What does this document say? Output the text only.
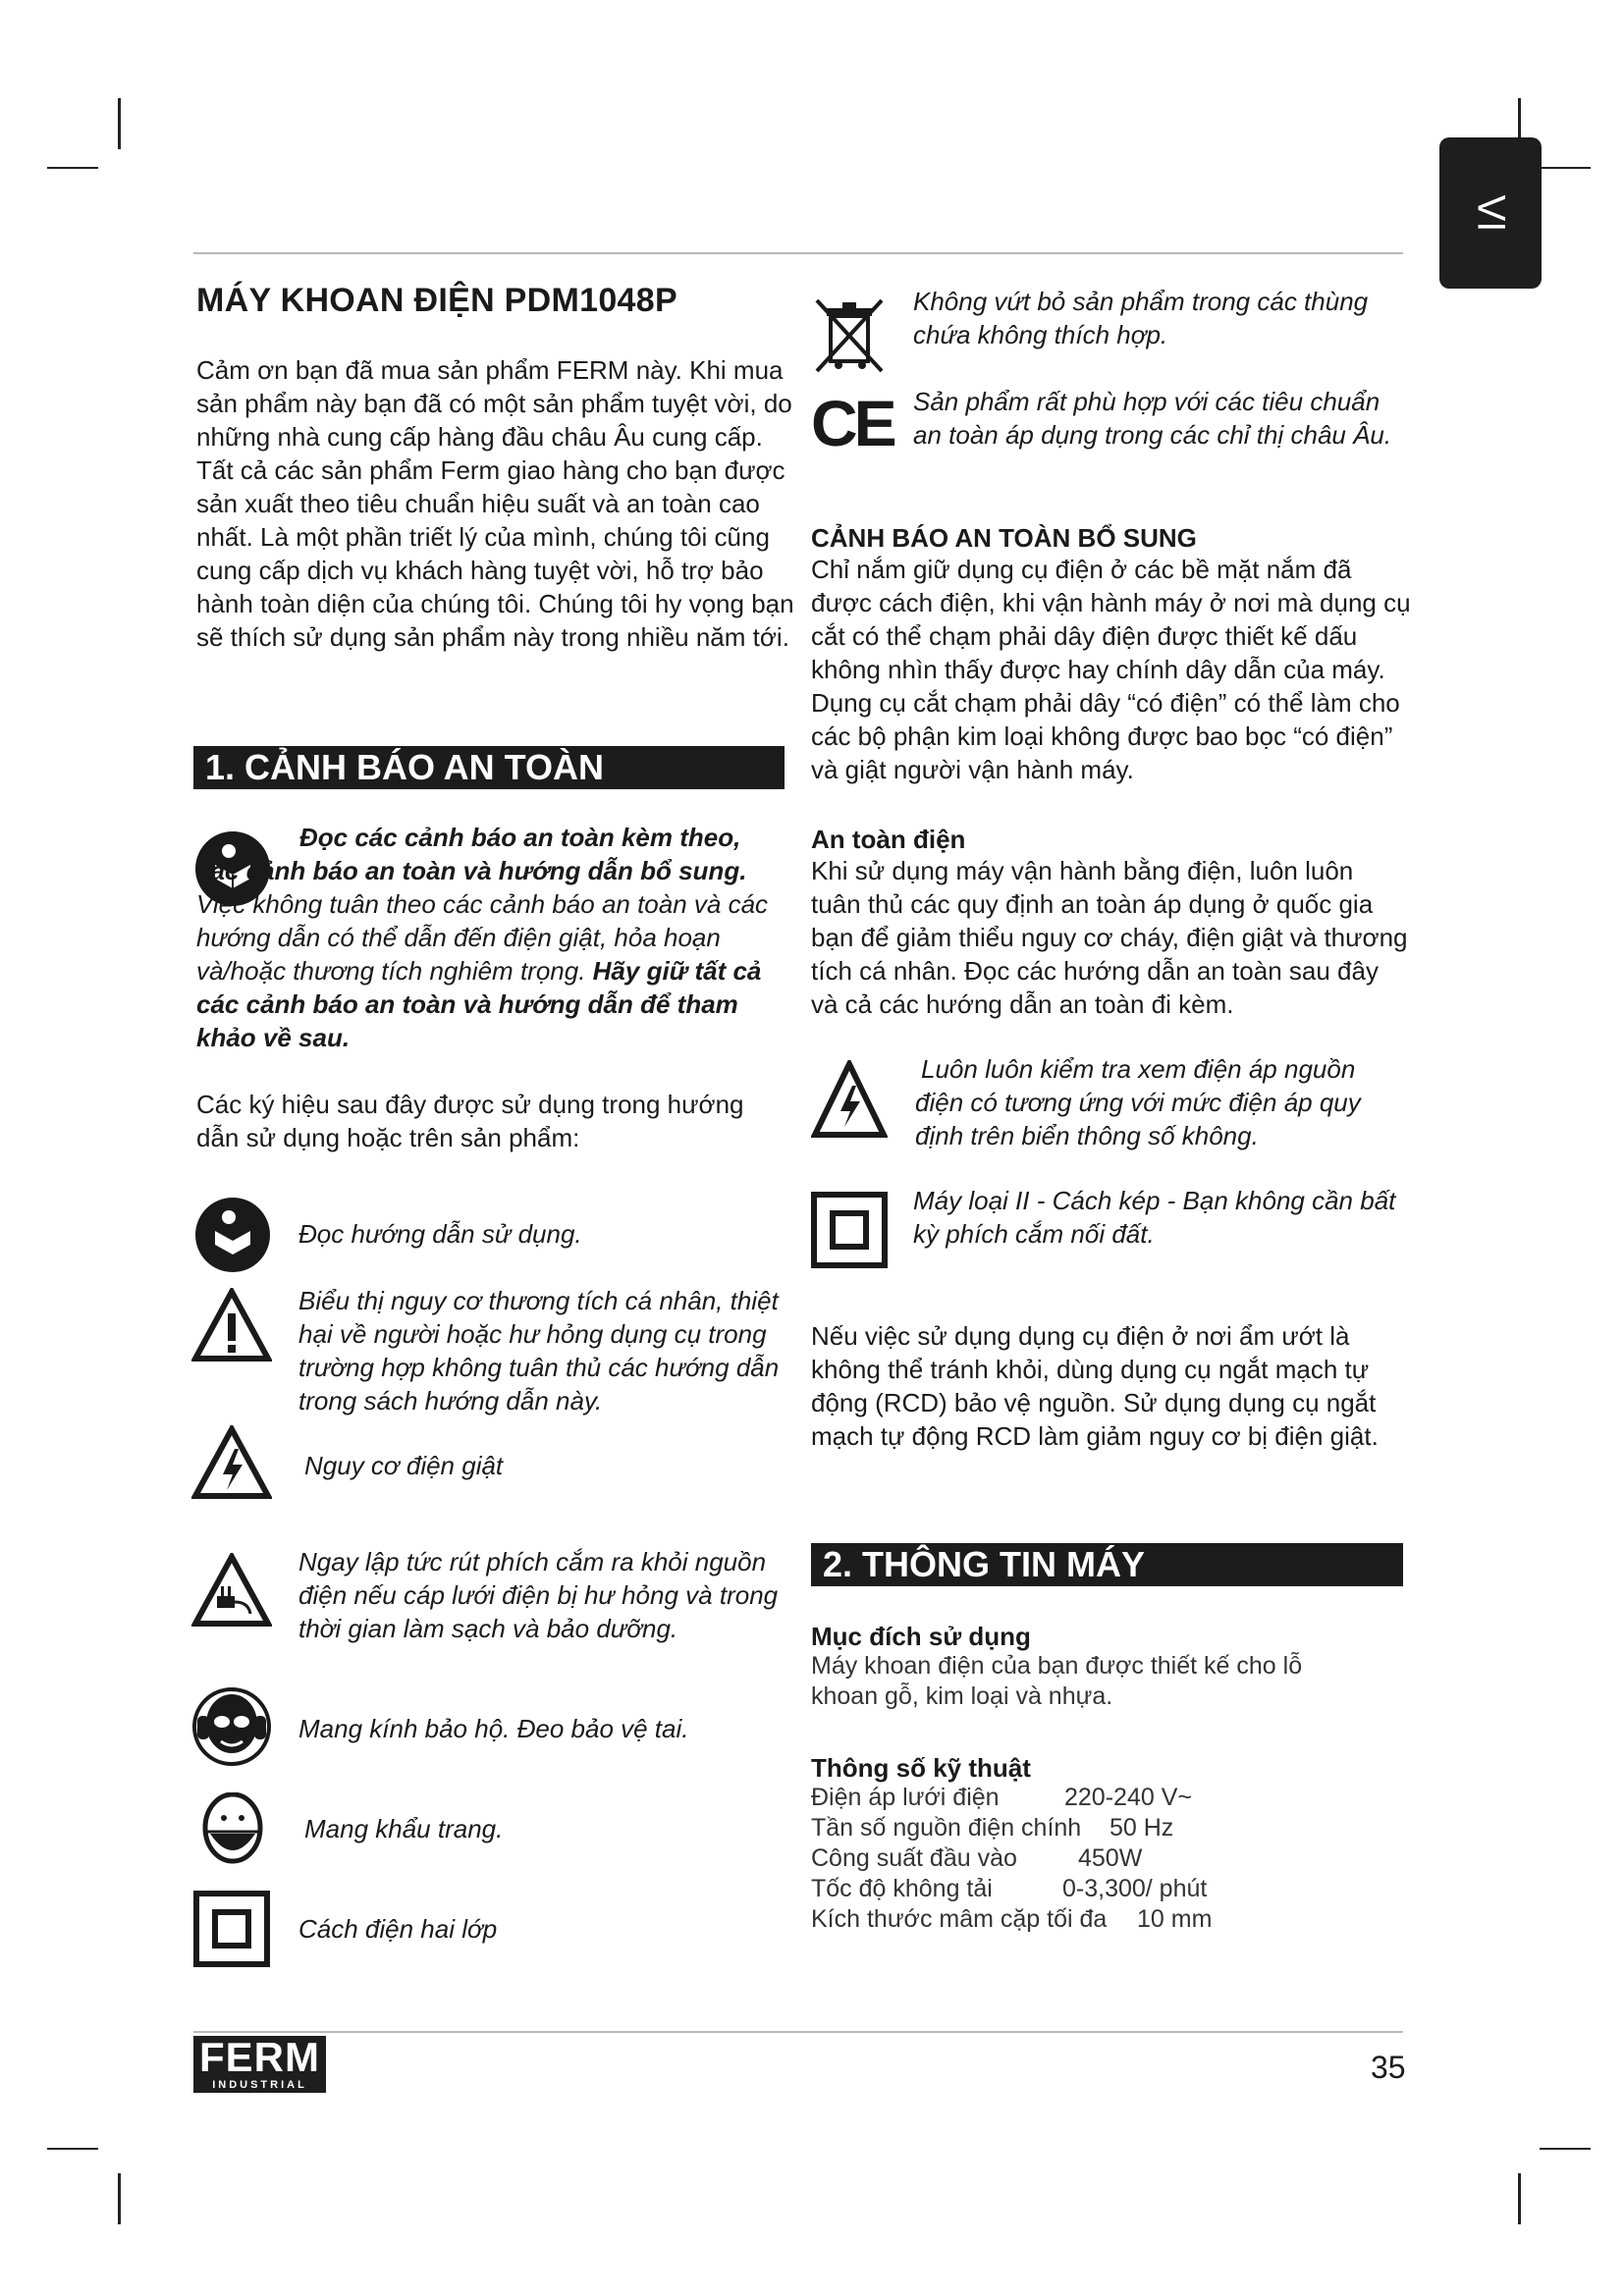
VI
MÁY KHOAN ĐIỆN PDM1048P

Cảm ơn bạn đã mua sản phẩm FERM này. Khi mua sản phẩm này bạn đã có một sản phẩm tuyệt vời, do những nhà cung cấp hàng đầu châu Âu cung cấp. Tất cả các sản phẩm Ferm giao hàng cho bạn được sản xuất theo tiêu chuẩn hiệu suất và an toàn cao nhất. Là một phần triết lý của mình, chúng tôi cũng cung cấp dịch vụ khách hàng tuyệt vời, hỗ trợ bảo hành toàn diện của chúng tôi. Chúng tôi hy vọng bạn sẽ thích sử dụng sản phẩm này trong nhiều năm tới.

1. CẢNH BÁO AN TOÀN

Đọc các cảnh báo an toàn kèm theo, các cảnh báo an toàn và hướng dẫn bổ sung. Việc không tuân theo các cảnh báo an toàn và các hướng dẫn có thể dẫn đến điện giật, hỏa hoạn và/hoặc thương tích nghiêm trọng. Hãy giữ tất cả các cảnh báo an toàn và hướng dẫn để tham khảo về sau.

Các ký hiệu sau đây được sử dụng trong hướng dẫn sử dụng hoặc trên sản phẩm:

Đọc hướng dẫn sử dụng.

Biểu thị nguy cơ thương tích cá nhân, thiệt hại về người hoặc hư hỏng dụng cụ trong trường hợp không tuân thủ các hướng dẫn trong sách hướng dẫn này.

Nguy cơ điện giật

Ngay lập tức rút phích cắm ra khỏi nguồn điện nếu cáp lưới điện bị hư hỏng và trong thời gian làm sạch và bảo dưỡng.

Mang kính bảo hộ. Đeo bảo vệ tai.

Mang khẩu trang.

Cách điện hai lớp

Không vứt bỏ sản phẩm trong các thùng chứa không thích hợp.

CE Sản phẩm rất phù hợp với các tiêu chuẩn an toàn áp dụng trong các chỉ thị châu Âu.

CẢNH BÁO AN TOÀN BỔ SUNG

Chỉ nắm giữ dụng cụ điện ở các bề mặt nắm đã được cách điện, khi vận hành máy ở nơi mà dụng cụ cắt có thể chạm phải dây điện được thiết kế dấu không nhìn thấy được hay chính dây dẫn của máy. Dụng cụ cắt chạm phải dây “có điện” có thể làm cho các bộ phận kim loại không được bao bọc “có điện” và giật người vận hành máy.

An toàn điện

Khi sử dụng máy vận hành bằng điện, luôn luôn tuân thủ các quy định an toàn áp dụng ở quốc gia bạn để giảm thiểu nguy cơ cháy, điện giật và thương tích cá nhân. Đọc các hướng dẫn an toàn sau đây và cả các hướng dẫn an toàn đi kèm.

Luôn luôn kiểm tra xem điện áp nguồn điện có tương ứng với mức điện áp quy định trên biển thông số không.

Máy loại II - Cách kép - Bạn không cần bất kỳ phích cắm nối đất.

Nếu việc sử dụng dụng cụ điện ở nơi ẩm ướt là không thể tránh khỏi, dùng dụng cụ ngắt mạch tự động (RCD) bảo vệ nguồn. Sử dụng dụng cụ ngắt mạch tự động RCD làm giảm nguy cơ bị điện giật.

2. THÔNG TIN MÁY
Mục đích sử dụng

Máy khoan điện của bạn được thiết kế cho lỗ khoan gỗ, kim loại và nhựa.

Thông số kỹ thuật
Điện áp lưới điện	220-240 V~
Tần số nguồn điện chính	50 Hz
Công suất đầu vào	450W
Tốc độ không tải	0-3,300/ phút
Kích thước mâm cặp tối đa	10 mm
FERM
INDUSTRIAL	35
